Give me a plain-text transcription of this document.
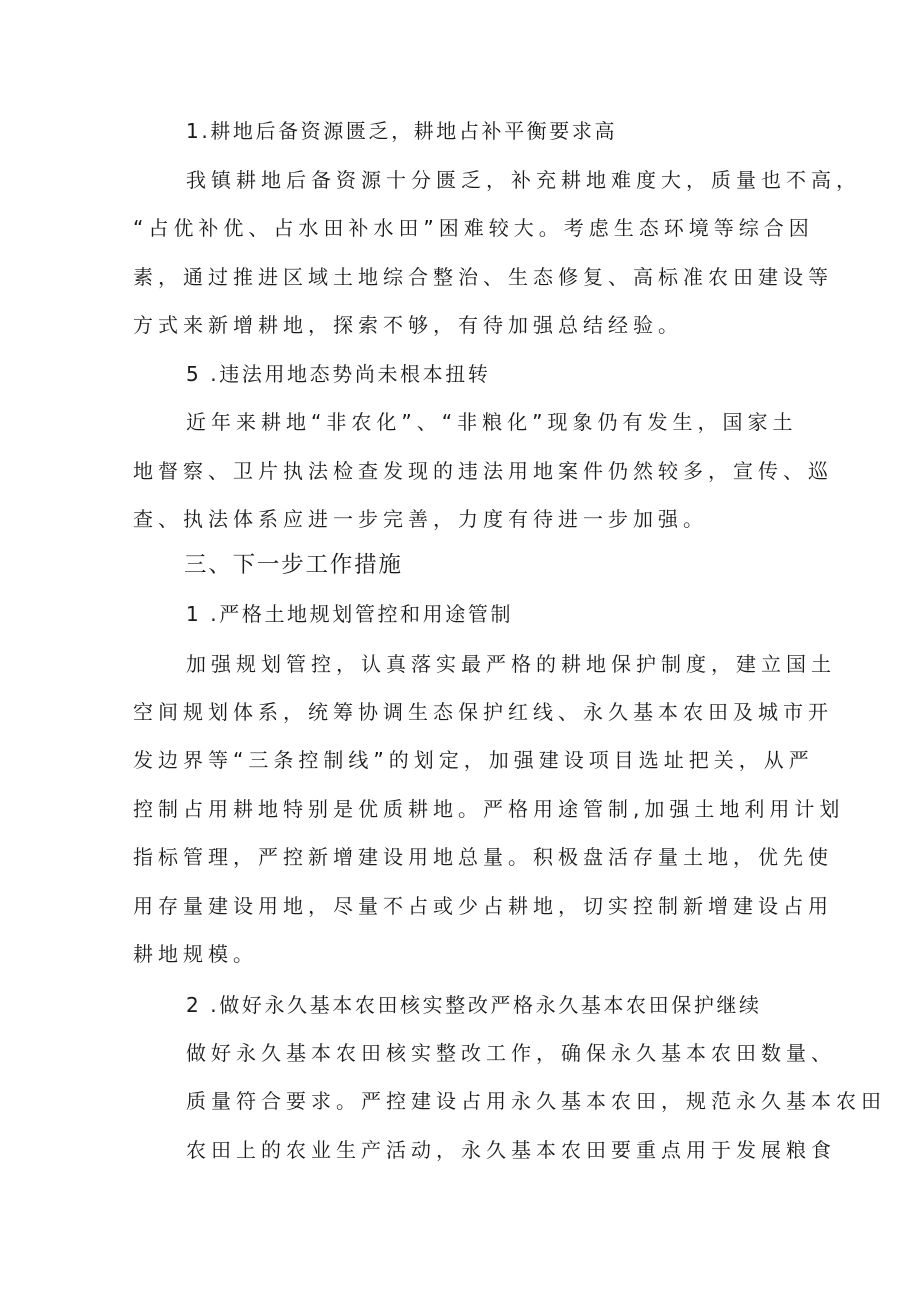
1.耕地后备资源匮乏，耕地占补平衡要求高
我镇耕地后备资源十分匮乏，补充耕地难度大，质量也不高，
“占优补优、占水田补水田”困难较大。考虑生态环境等综合因
素，通过推进区域土地综合整治、生态修复、高标准农田建设等
方式来新增耕地，探索不够，有待加强总结经验。
5 .违法用地态势尚未根本扭转
近年来耕地“非农化”、“非粮化”现象仍有发生，国家土
地督察、卫片执法检查发现的违法用地案件仍然较多，宣传、巡
查、执法体系应进一步完善，力度有待进一步加强。
三、下一步工作措施
1 .严格土地规划管控和用途管制
加强规划管控，认真落实最严格的耕地保护制度，建立国土
空间规划体系，统筹协调生态保护红线、永久基本农田及城市开
发边界等“三条控制线”的划定，加强建设项目选址把关，从严
控制占用耕地特别是优质耕地。严格用途管制,加强土地利用计划
指标管理，严控新增建设用地总量。积极盘活存量土地，优先使
用存量建设用地，尽量不占或少占耕地，切实控制新增建设占用
耕地规模。
2 .做好永久基本农田核实整改严格永久基本农田保护继续
做好永久基本农田核实整改工作，确保永久基本农田数量、
质量符合要求。严控建设占用永久基本农田，规范永久基本农田
农田上的农业生产活动，永久基本农田要重点用于发展粮食
